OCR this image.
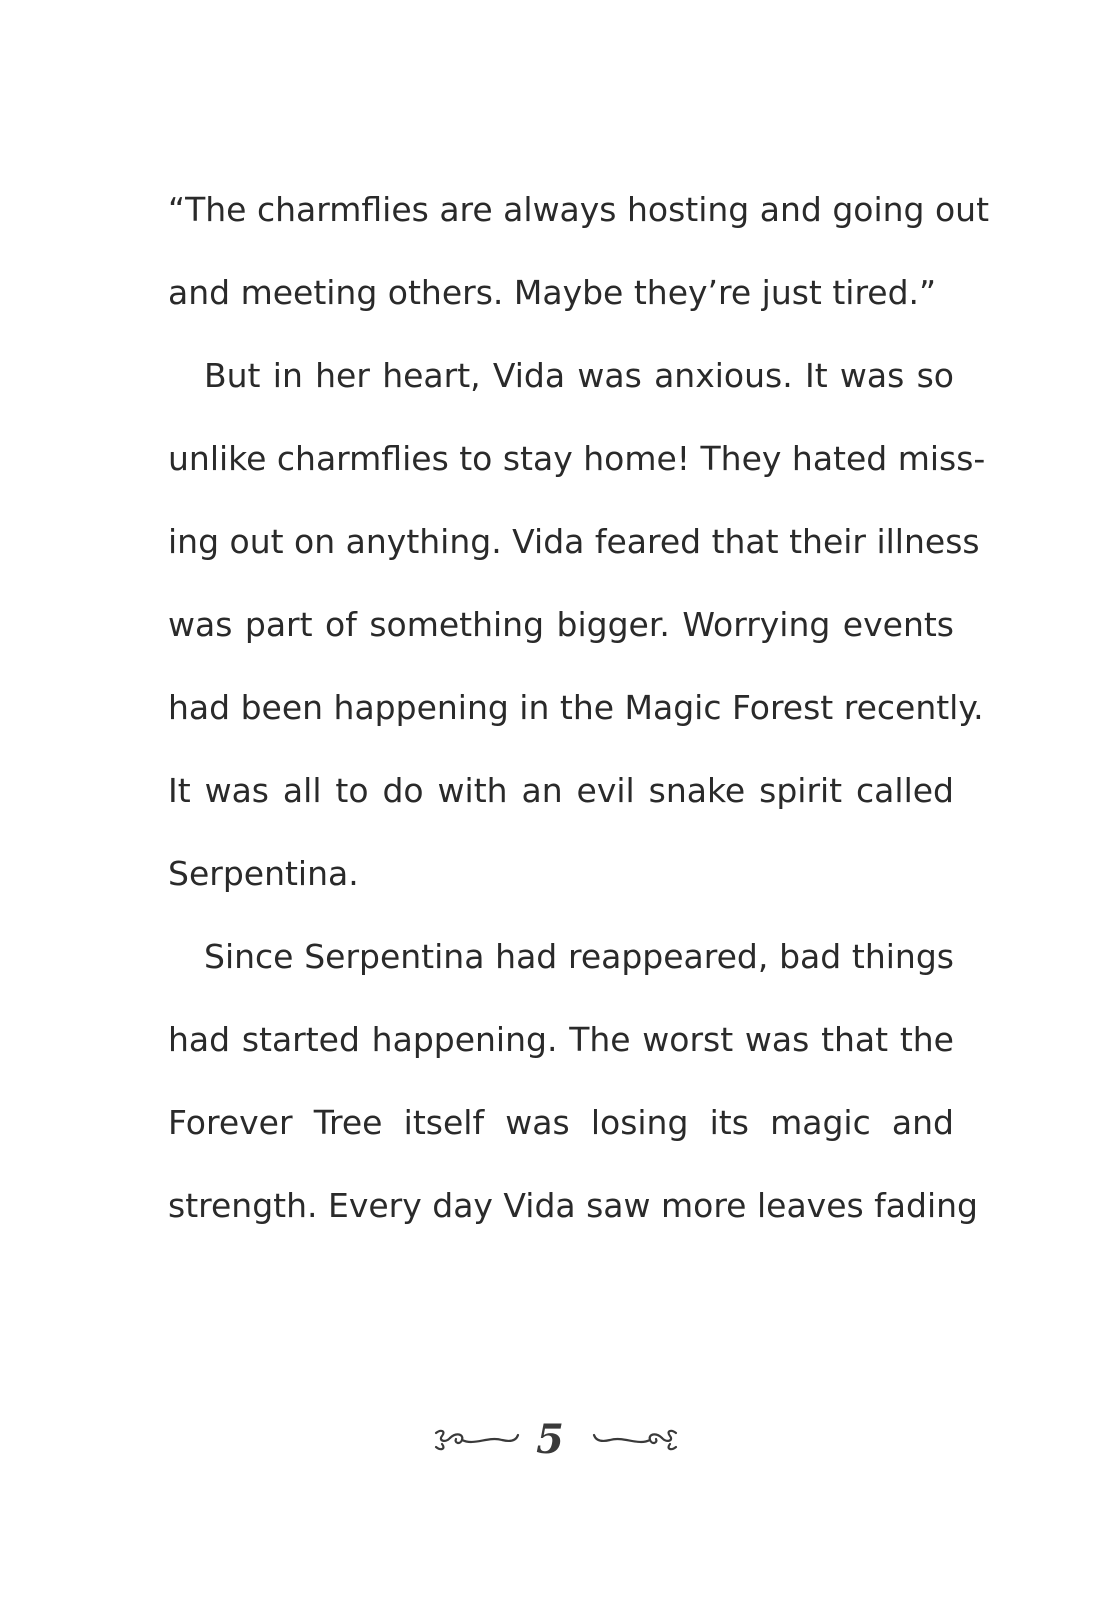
“The charmflies are always hosting and going out
and meeting others. Maybe they’re just tired.”
But in her heart, Vida was anxious. It was so
unlike charmflies to stay home! They hated miss-
ing out on anything. Vida feared that their illness
was part of something bigger. Worrying events
had been happening in the Magic Forest recently.
It was all to do with an evil snake spirit called
Serpentina.
Since Serpentina had reappeared, bad things
had started happening. The worst was that the
Forever Tree itself was losing its magic and
strength. Every day Vida saw more leaves fading
5
